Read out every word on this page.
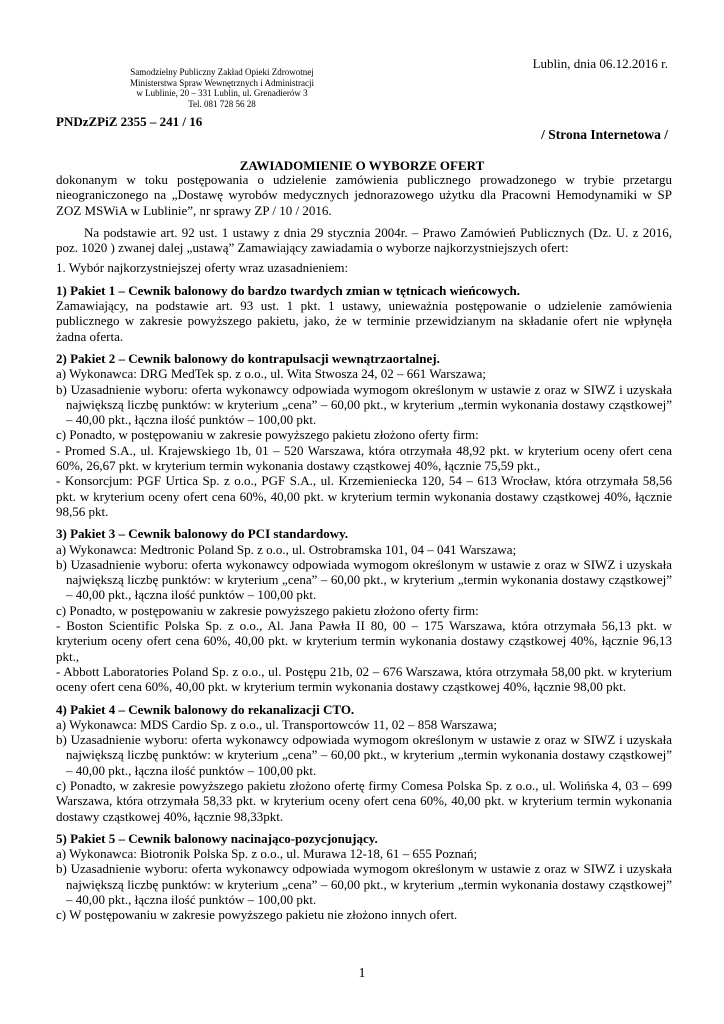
Lublin, dnia 06.12.2016 r.
Samodzielny Publiczny Zakład Opieki Zdrowotnej
Ministerstwa Spraw Wewnętrznych i Administracji
w Lublinie, 20 – 331 Lublin, ul. Grenadierów 3
Tel. 081 728 56 28
PNDzZPiZ 2355 – 241 / 16
/ Strona Internetowa /
ZAWIADOMIENIE O WYBORZE OFERT

dokonanym w toku postępowania o udzielenie zamówienia publicznego prowadzonego w trybie przetargu nieograniczonego na „Dostawę wyrobów medycznych jednorazowego użytku dla Pracowni Hemodynamiki w SP ZOZ MSWiA w Lublinie”, nr sprawy ZP / 10 / 2016.

Na podstawie art. 92 ust. 1 ustawy z dnia 29 stycznia 2004r. – Prawo Zamówień Publicznych (Dz. U. z 2016, poz. 1020 ) zwanej dalej „ustawą” Zamawiający zawiadamia o wyborze najkorzystniejszych ofert:

1. Wybór najkorzystniejszej oferty wraz uzasadnieniem:

1) Pakiet 1 – Cewnik balonowy do bardzo twardych zmian w tętnicach wieńcowych.

Zamawiający, na podstawie art. 93 ust. 1 pkt. 1 ustawy, unieważnia postępowanie o udzielenie zamówienia publicznego w zakresie powyższego pakietu, jako, że w terminie przewidzianym na składanie ofert nie wpłynęła żadna oferta.

2) Pakiet 2 – Cewnik balonowy do kontrapulsacji wewnątrzaortalnej.

a) Wykonawca: DRG MedTek sp. z o.o., ul. Wita Stwosza 24, 02 – 661 Warszawa;

b) Uzasadnienie wyboru: oferta wykonawcy odpowiada wymogom określonym w ustawie z oraz w SIWZ i uzyskała największą liczbę punktów: w kryterium „cena” – 60,00 pkt., w kryterium „termin wykonania dostawy cząstkowej” – 40,00 pkt., łączna ilość punktów – 100,00 pkt.

c) Ponadto, w postępowaniu w zakresie powyższego pakietu złożono oferty firm:

- Promed S.A., ul. Krajewskiego 1b, 01 – 520 Warszawa, która otrzymała 48,92 pkt. w kryterium oceny ofert cena 60%, 26,67 pkt. w kryterium termin wykonania dostawy cząstkowej 40%, łącznie 75,59 pkt.,

- Konsorcjum: PGF Urtica Sp. z o.o., PGF S.A., ul. Krzemieniecka 120, 54 – 613 Wrocław, która otrzymała 58,56 pkt. w kryterium oceny ofert cena 60%, 40,00 pkt. w kryterium termin wykonania dostawy cząstkowej 40%, łącznie 98,56 pkt.

3) Pakiet 3 – Cewnik balonowy do PCI standardowy.

a) Wykonawca: Medtronic Poland Sp. z o.o., ul. Ostrobramska 101, 04 – 041 Warszawa;

b) Uzasadnienie wyboru: oferta wykonawcy odpowiada wymogom określonym w ustawie z oraz w SIWZ i uzyskała największą liczbę punktów: w kryterium „cena” – 60,00 pkt., w kryterium „termin wykonania dostawy cząstkowej” – 40,00 pkt., łączna ilość punktów – 100,00 pkt.

c) Ponadto, w postępowaniu w zakresie powyższego pakietu złożono oferty firm:

- Boston Scientific Polska Sp. z o.o., Al. Jana Pawła II 80, 00 – 175 Warszawa, która otrzymała 56,13 pkt. w kryterium oceny ofert cena 60%, 40,00 pkt. w kryterium termin wykonania dostawy cząstkowej 40%, łącznie 96,13 pkt.,

- Abbott Laboratories Poland Sp. z o.o., ul. Postępu 21b, 02 – 676 Warszawa, która otrzymała 58,00 pkt. w kryterium oceny ofert cena 60%, 40,00 pkt. w kryterium termin wykonania dostawy cząstkowej 40%, łącznie 98,00 pkt.

4) Pakiet 4 – Cewnik balonowy do rekanalizacji CTO.

a) Wykonawca: MDS Cardio Sp. z o.o., ul. Transportowców 11, 02 – 858 Warszawa;

b) Uzasadnienie wyboru: oferta wykonawcy odpowiada wymogom określonym w ustawie z oraz w SIWZ i uzyskała największą liczbę punktów: w kryterium „cena” – 60,00 pkt., w kryterium „termin wykonania dostawy cząstkowej” – 40,00 pkt., łączna ilość punktów – 100,00 pkt.

c) Ponadto, w zakresie powyższego pakietu złożono ofertę firmy Comesa Polska Sp. z o.o., ul. Wolińska 4, 03 – 699 Warszawa, która otrzymała 58,33 pkt. w kryterium oceny ofert cena 60%, 40,00 pkt. w kryterium termin wykonania dostawy cząstkowej 40%, łącznie 98,33pkt.

5) Pakiet 5 – Cewnik balonowy nacinająco-pozycjonujący.

a) Wykonawca: Biotronik Polska Sp. z o.o., ul. Murawa 12-18, 61 – 655 Poznań;

b) Uzasadnienie wyboru: oferta wykonawcy odpowiada wymogom określonym w ustawie z oraz w SIWZ i uzyskała największą liczbę punktów: w kryterium „cena” – 60,00 pkt., w kryterium „termin wykonania dostawy cząstkowej” – 40,00 pkt., łączna ilość punktów – 100,00 pkt.

c) W postępowaniu w zakresie powyższego pakietu nie złożono innych ofert.

1
